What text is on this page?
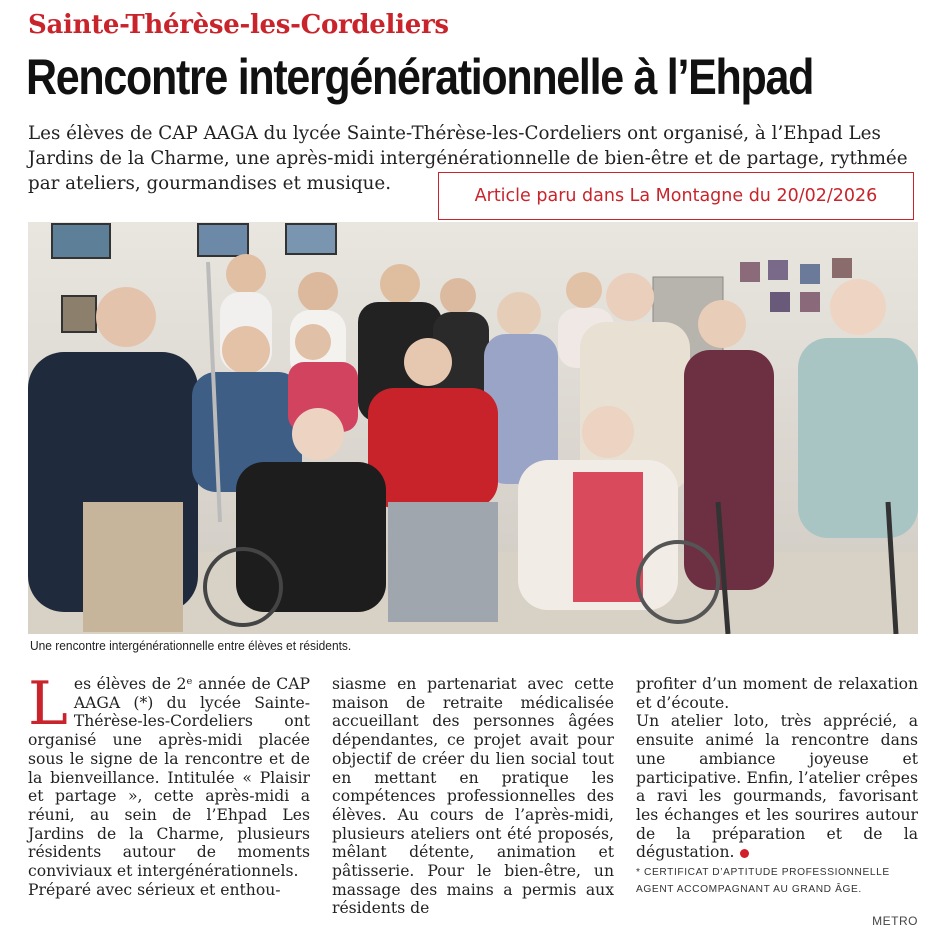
Sainte-Thérèse-les-Cordeliers
Rencontre intergénérationnelle à l’Ehpad
Les élèves de CAP AAGA du lycée Sainte-Thérèse-les-Cordeliers ont organisé, à l’Ehpad Les Jardins de la Charme, une après-midi intergénérationnelle de bien-être et de partage, rythmée par ateliers, gourmandises et musique.
Article paru dans La Montagne du 20/02/2026
Une rencontre intergénérationnelle entre élèves et résidents.

Les élèves de 2ᵉ année de CAP AAGA (*) du lycée Sainte-Thérèse-les-Cordeliers ont organisé une après-midi placée sous le signe de la rencontre et de la bienveillance. Intitulée « Plaisir et partage », cette après-midi a réuni, au sein de l’Ehpad Les Jardins de la Charme, plusieurs résidents autour de moments conviviaux et intergénérationnels.

Préparé avec sérieux et enthou-

siasme en partenariat avec cette maison de retraite médicalisée accueillant des personnes âgées dépendantes, ce projet avait pour objectif de créer du lien social tout en mettant en pratique les compétences professionnelles des élèves. Au cours de l’après-midi, plusieurs ateliers ont été proposés, mêlant détente, animation et pâtisserie. Pour le bien-être, un massage des mains a permis aux résidents de

profiter d’un moment de relaxation et d’écoute.

Un atelier loto, très apprécié, a ensuite animé la rencontre dans une ambiance joyeuse et participative. Enfin, l’atelier crêpes a ravi les gourmands, favorisant les échanges et les sourires autour de la préparation et de la dégustation.

* CERTIFICAT D’APTITUDE PROFESSIONNELLE AGENT ACCOMPAGNANT AU GRAND ÂGE.
METRO
